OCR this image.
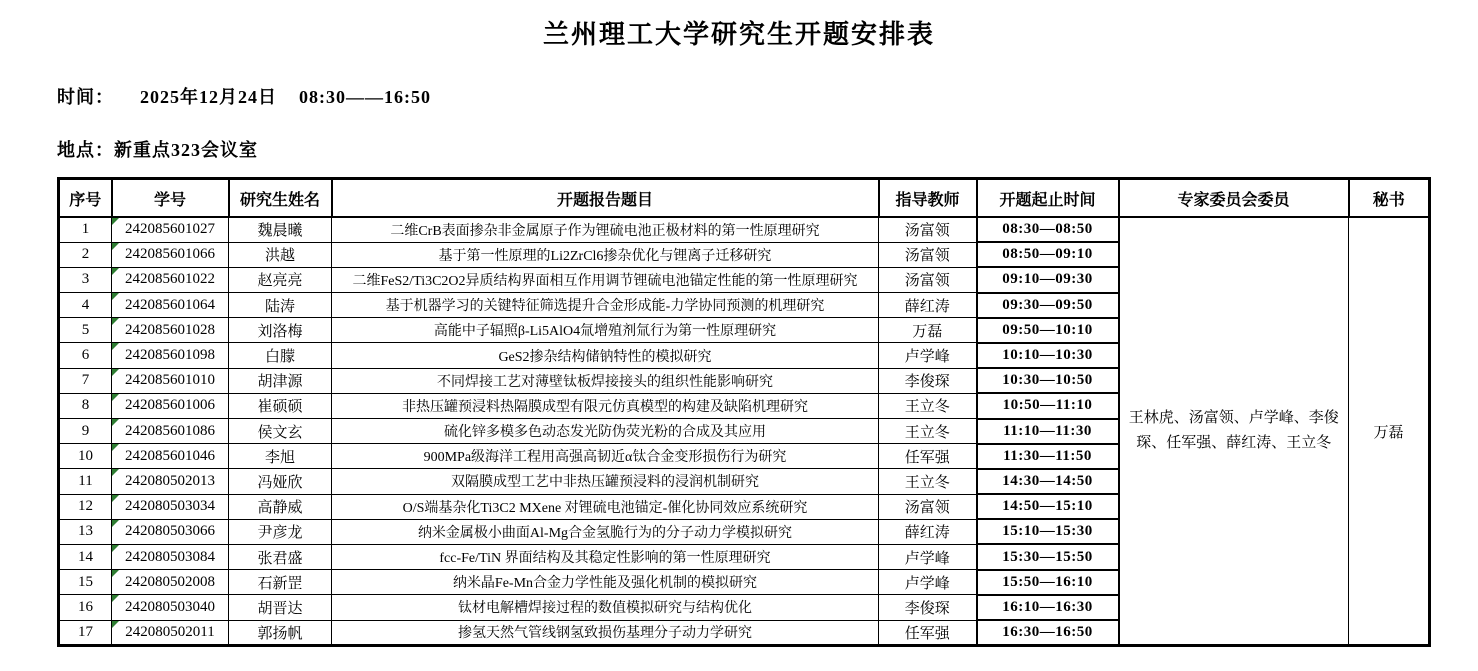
兰州理工大学研究生开题安排表
时间： 2025年12月24日 08:30——16:50
地点：新重点323会议室
序号	学号	研究生姓名	开题报告题目	指导教师	开题起止时间	专家委员会委员	秘书
1	242085601027	魏晨曦	二维CrB表面掺杂非金属原子作为锂硫电池正极材料的第一性原理研究	汤富领	08:30—08:50	王林虎、汤富领、卢学峰、李俊琛、任军强、薛红涛、王立冬	万磊
2	242085601066	洪越	基于第一性原理的Li2ZrCl6掺杂优化与锂离子迁移研究	汤富领	08:50—09:10		
3	242085601022	赵亮亮	二维FeS2/Ti3C2O2异质结构界面相互作用调节锂硫电池锚定性能的第一性原理研究	汤富领	09:10—09:30		
4	242085601064	陆涛	基于机器学习的关键特征筛选提升合金形成能-力学协同预测的机理研究	薛红涛	09:30—09:50		
5	242085601028	刘洛梅	高能中子辐照β-Li5AlO4氚增殖剂氚行为第一性原理研究	万磊	09:50—10:10		
6	242085601098	白朦	GeS2掺杂结构储钠特性的模拟研究	卢学峰	10:10—10:30		
7	242085601010	胡津源	不同焊接工艺对薄壁钛板焊接接头的组织性能影响研究	李俊琛	10:30—10:50		
8	242085601006	崔硕硕	非热压罐预浸料热隔膜成型有限元仿真模型的构建及缺陷机理研究	王立冬	10:50—11:10		
9	242085601086	侯文玄	硫化锌多模多色动态发光防伪荧光粉的合成及其应用	王立冬	11:10—11:30		
10	242085601046	李旭	900MPa级海洋工程用高强高韧近α钛合金变形损伤行为研究	任军强	11:30—11:50		
11	242080502013	冯娅欣	双隔膜成型工艺中非热压罐预浸料的浸润机制研究	王立冬	14:30—14:50		
12	242080503034	高静威	O/S端基杂化Ti3C2 MXene 对锂硫电池锚定-催化协同效应系统研究	汤富领	14:50—15:10		
13	242080503066	尹彦龙	纳米金属极小曲面Al-Mg合金氢脆行为的分子动力学模拟研究	薛红涛	15:10—15:30		
14	242080503084	张君盛	fcc-Fe/TiN 界面结构及其稳定性影响的第一性原理研究	卢学峰	15:30—15:50		
15	242080502008	石新罡	纳米晶Fe-Mn合金力学性能及强化机制的模拟研究	卢学峰	15:50—16:10		
16	242080503040	胡晋达	钛材电解槽焊接过程的数值模拟研究与结构优化	李俊琛	16:10—16:30		
17	242080502011	郭扬帆	掺氢天然气管线钢氢致损伤基理分子动力学研究	任军强	16:30—16:50		
